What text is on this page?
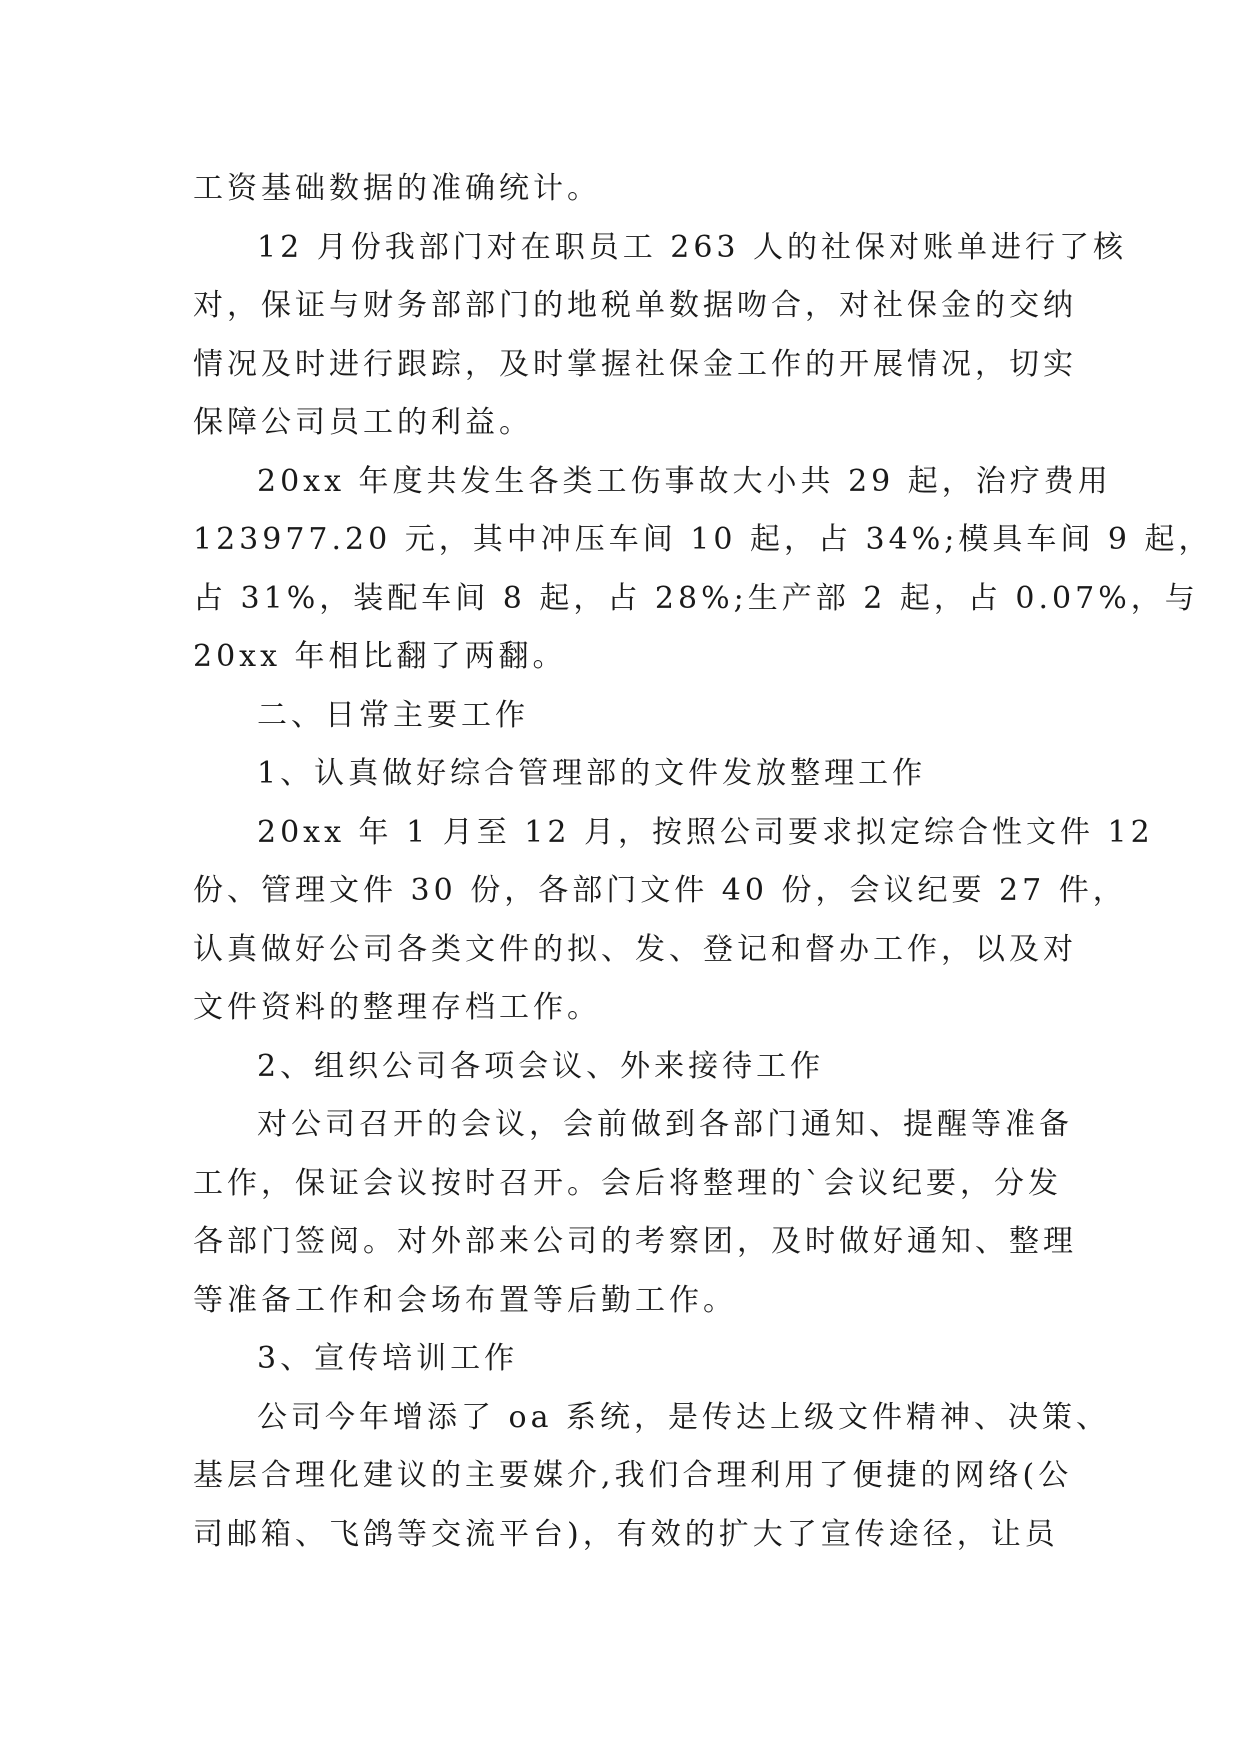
工资基础数据的准确统计。
12 月份我部门对在职员工 263 人的社保对账单进行了核
对，保证与财务部部门的地税单数据吻合，对社保金的交纳
情况及时进行跟踪，及时掌握社保金工作的开展情况，切实
保障公司员工的利益。
20xx 年度共发生各类工伤事故大小共 29 起，治疗费用
123977.20 元，其中冲压车间 10 起，占 34%;模具车间 9 起，
占 31%，装配车间 8 起，占 28%;生产部 2 起，占 0.07%，与
20xx 年相比翻了两翻。
二、日常主要工作
1、认真做好综合管理部的文件发放整理工作
20xx 年 1 月至 12 月，按照公司要求拟定综合性文件 12
份、管理文件 30 份，各部门文件 40 份，会议纪要 27 件，
认真做好公司各类文件的拟、发、登记和督办工作，以及对
文件资料的整理存档工作。
2、组织公司各项会议、外来接待工作
对公司召开的会议，会前做到各部门通知、提醒等准备
工作，保证会议按时召开。会后将整理的`会议纪要，分发
各部门签阅。对外部来公司的考察团，及时做好通知、整理
等准备工作和会场布置等后勤工作。
3、宣传培训工作
公司今年增添了 oa 系统，是传达上级文件精神、决策、
基层合理化建议的主要媒介,我们合理利用了便捷的网络(公
司邮箱、飞鸽等交流平台)，有效的扩大了宣传途径，让员
